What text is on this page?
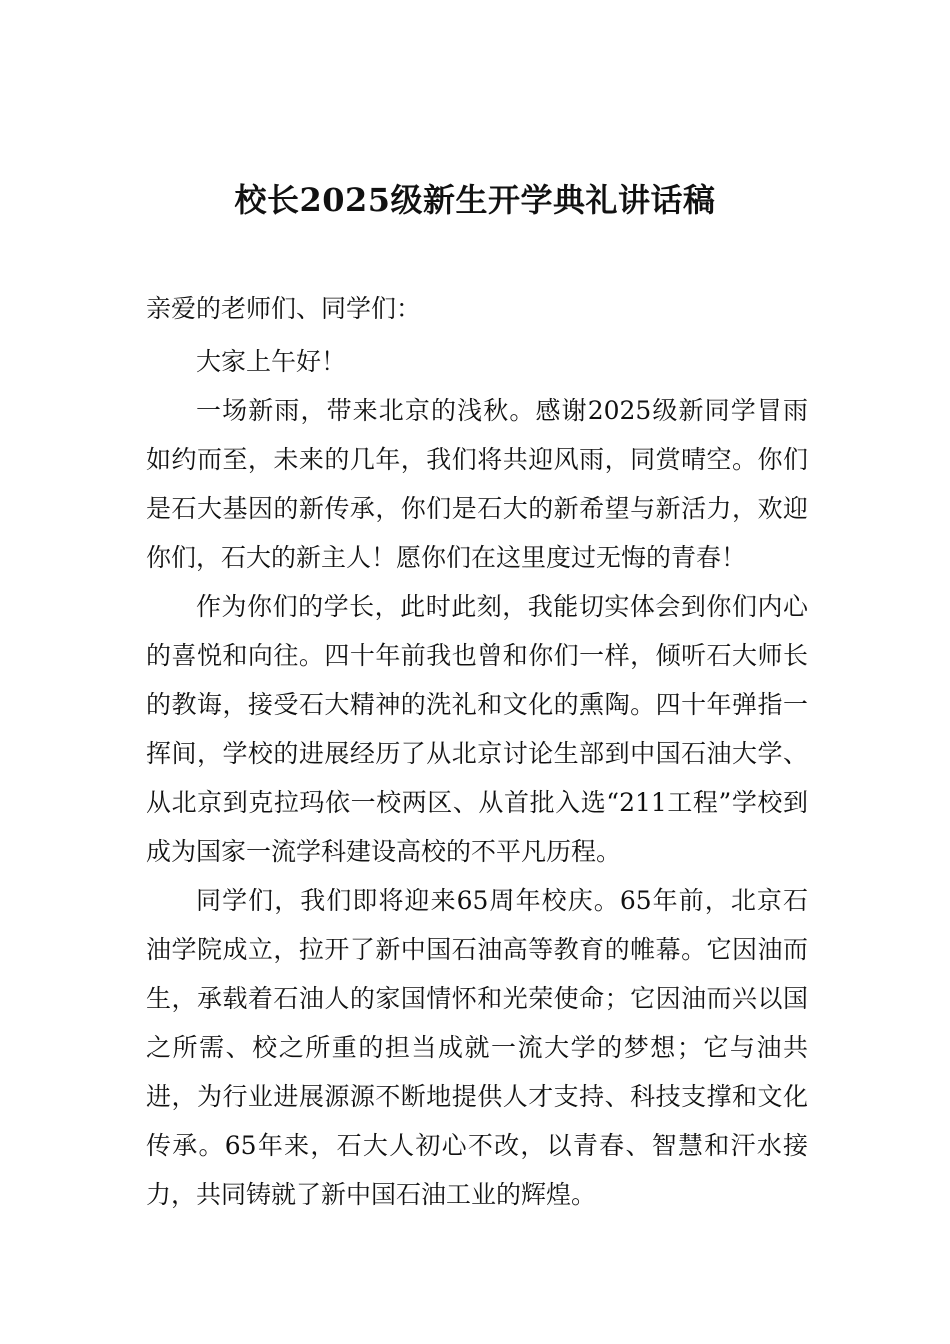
校长2025级新生开学典礼讲话稿

亲爱的老师们、同学们：

大家上午好！

一场新雨，带来北京的浅秋。感谢2025级新同学冒雨如约而至，未来的几年，我们将共迎风雨，同赏晴空。你们是石大基因的新传承，你们是石大的新希望与新活力，欢迎你们，石大的新主人！愿你们在这里度过无悔的青春！

作为你们的学长，此时此刻，我能切实体会到你们内心的喜悦和向往。四十年前我也曾和你们一样，倾听石大师长的教诲，接受石大精神的洗礼和文化的熏陶。四十年弹指一挥间，学校的进展经历了从北京讨论生部到中国石油大学、从北京到克拉玛依一校两区、从首批入选“211工程”学校到成为国家一流学科建设高校的不平凡历程。

同学们，我们即将迎来65周年校庆。65年前，北京石油学院成立，拉开了新中国石油高等教育的帷幕。它因油而生，承载着石油人的家国情怀和光荣使命；它因油而兴以国之所需、校之所重的担当成就一流大学的梦想；它与油共进，为行业进展源源不断地提供人才支持、科技支撑和文化传承。65年来，石大人初心不改，以青春、智慧和汗水接力，共同铸就了新中国石油工业的辉煌。
